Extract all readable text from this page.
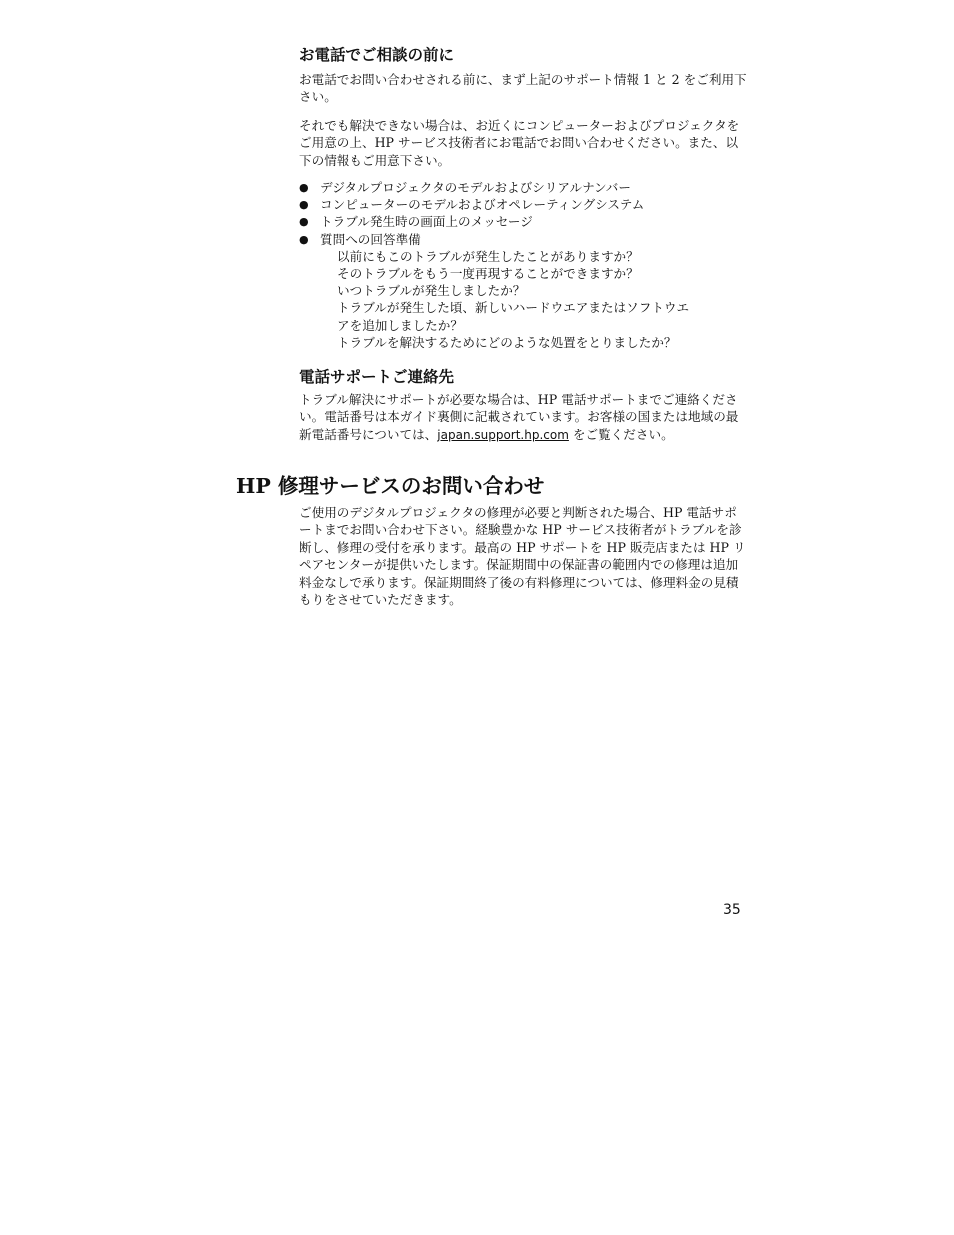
お電話でご相談の前に

お電話でお問い合わせされる前に、まず上記のサポート情報 1 と 2 をご利用下さい。

それでも解決できない場合は、お近くにコンピューターおよびプロジェクタをご用意の上、HP サービス技術者にお電話でお問い合わせください。また、以下の情報もご用意下さい。

● デジタルプロジェクタのモデルおよびシリアルナンバー
● コンピューターのモデルおよびオペレーティングシステム
● トラブル発生時の画面上のメッセージ
● 質問への回答準備
以前にもこのトラブルが発生したことがありますか？
そのトラブルをもう一度再現することができますか？
いつトラブルが発生しましたか？
トラブルが発生した頃、新しいハードウエアまたはソフトウエ
アを追加しましたか？
トラブルを解決するためにどのような処置をとりましたか？
電話サポートご連絡先

トラブル解決にサポートが必要な場合は、HP 電話サポートまでご連絡ください。電話番号は本ガイド裏側に記載されています。お客様の国または地域の最新電話番号については、japan.support.hp.com をご覧ください。

HP 修理サービスのお問い合わせ

ご使用のデジタルプロジェクタの修理が必要と判断された場合、HP 電話サポートまでお問い合わせ下さい。経験豊かな HP サービス技術者がトラブルを診断し、修理の受付を承ります。最高の HP サポートを HP 販売店または HP リペアセンターが提供いたします。保証期間中の保証書の範囲内での修理は追加料金なしで承ります。保証期間終了後の有料修理については、修理料金の見積もりをさせていただきます。

35
